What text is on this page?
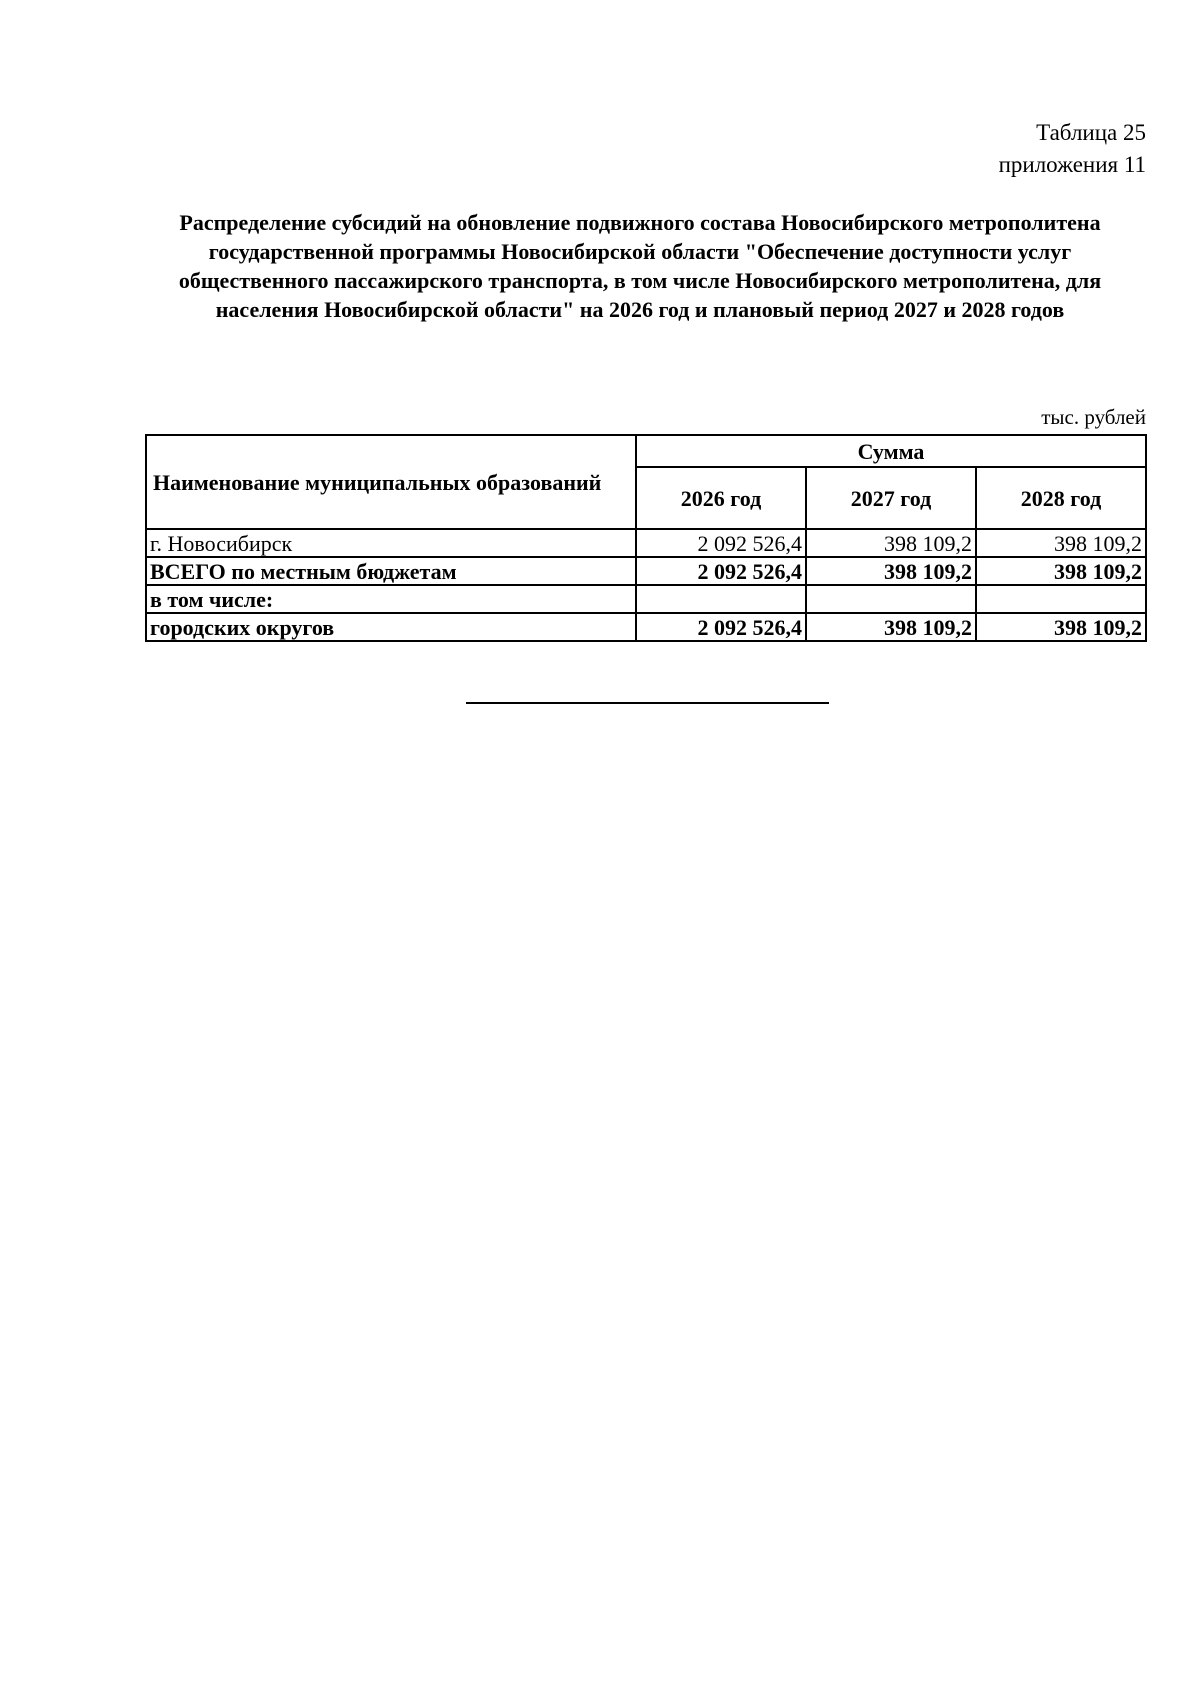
Таблица 25
приложения 11
Распределение субсидий на обновление подвижного состава Новосибирского метрополитена
государственной программы Новосибирской области "Обеспечение доступности услуг
общественного пассажирского транспорта, в том числе Новосибирского метрополитена, для
населения Новосибирской области" на 2026 год и плановый период 2027 и 2028 годов
тыс. рублей
Наименование муниципальных образований	Сумма		
	2026 год	2027 год	2028 год
г. Новосибирск	2 092 526,4	398 109,2	398 109,2
ВСЕГО по местным бюджетам	2 092 526,4	398 109,2	398 109,2
в том числе:			
городских округов	2 092 526,4	398 109,2	398 109,2
